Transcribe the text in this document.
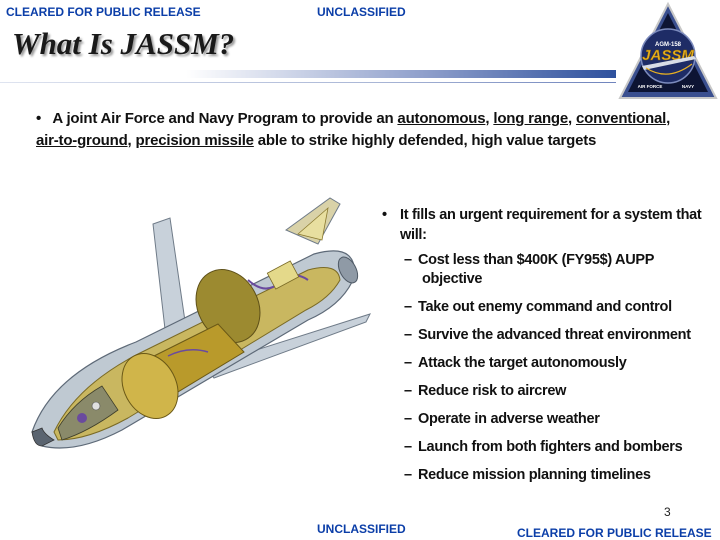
CLEARED FOR PUBLIC RELEASE	UNCLASSIFIED
What Is JASSM?	AGM-158
JASSM
AIR FORCE	NAVY
• A joint Air Force and Navy Program to provide an autonomous, long range, conventional,
air-to-ground, precision missile able to strike highly defended, high value targets
• It fills an urgent requirement for a system that will:
– Cost less than $400K (FY95$) AUPP
objective
– Take out enemy command and control
– Survive the advanced threat environment
– Attack the target autonomously
– Reduce risk to aircrew
– Operate in adverse weather
– Launch from both fighters and bombers
– Reduce mission planning timelines
3
UNCLASSIFIED	CLEARED FOR PUBLIC RELEASE
